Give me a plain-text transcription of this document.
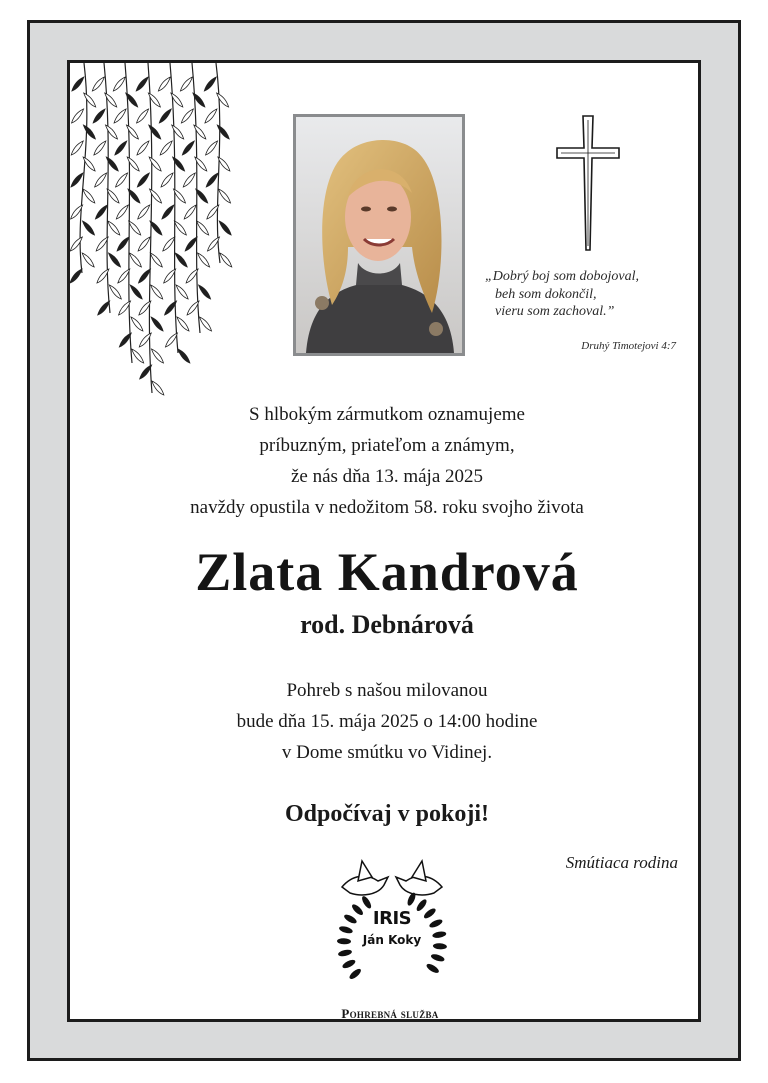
„Dobrý boj som dobojoval,
beh som dokončil,
vieru som zachoval.”
Druhý Timotejovi 4:7
S hlbokým zármutkom oznamujeme
príbuzným, priateľom a známym,
že nás dňa 13. mája 2025
navždy opustila v nedožitom 58. roku svojho života
Zlata Kandrová
rod. Debnárová
Pohreb s našou milovanou
bude dňa 15. mája 2025 o 14:00 hodine
v Dome smútku vo Vidinej.
Odpočívaj v pokoji!
Smútiaca rodina
IRIS
Ján Koky
Pohrebná služba
